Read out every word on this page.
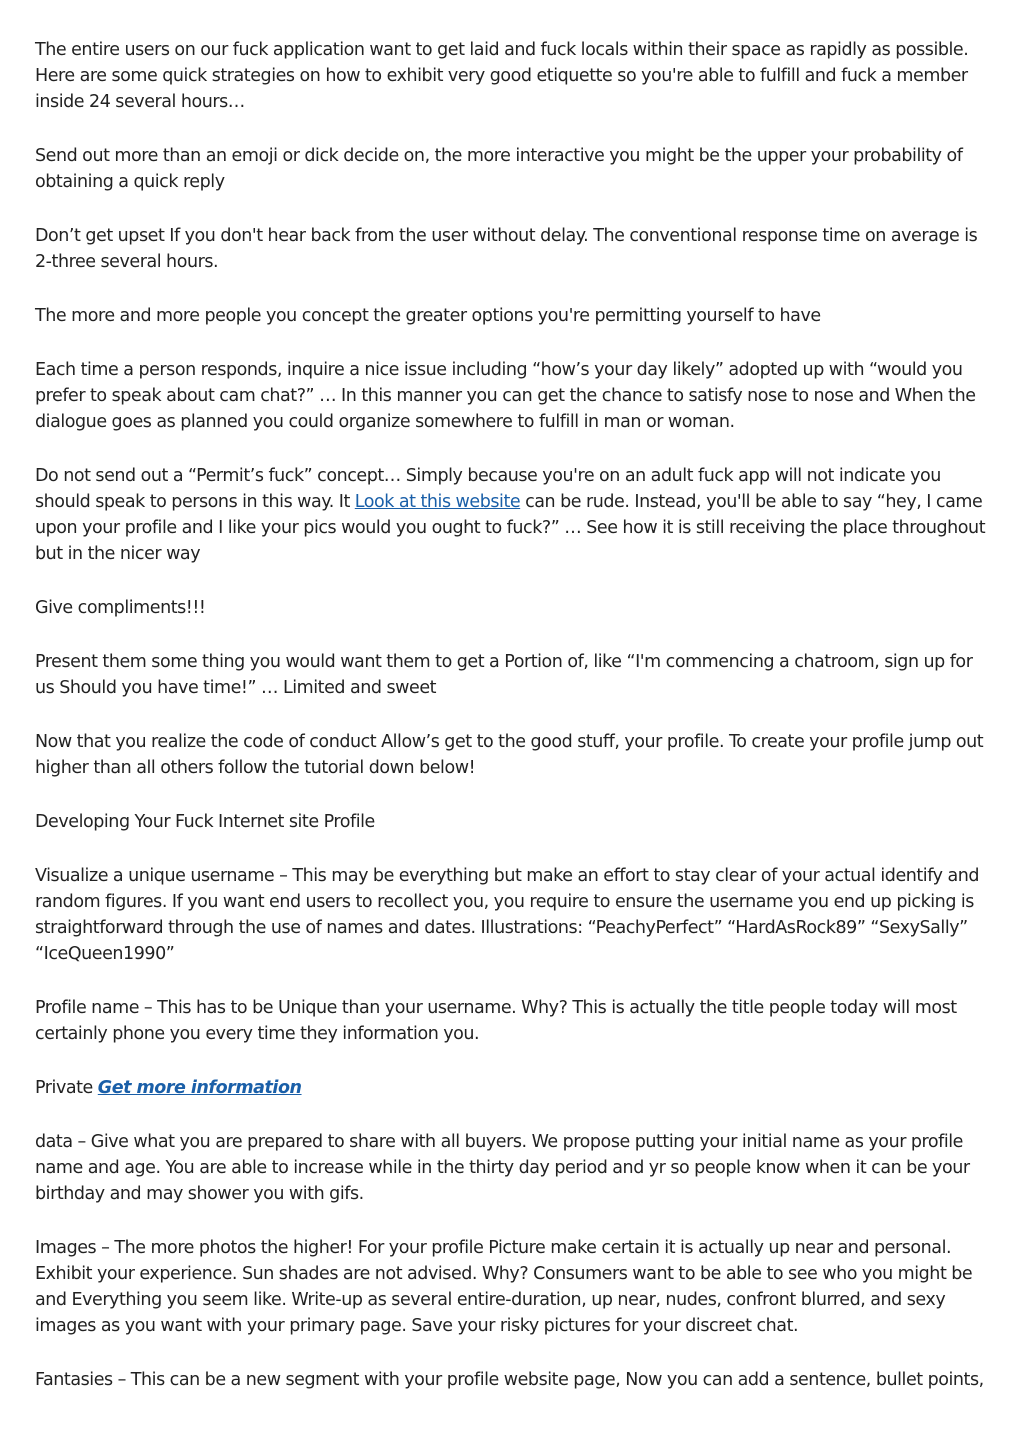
The entire users on our fuck application want to get laid and fuck locals within their space as rapidly as possible. Here are some quick strategies on how to exhibit very good etiquette so you're able to fulfill and fuck a member inside 24 several hours…

Send out more than an emoji or dick decide on, the more interactive you might be the upper your probability of obtaining a quick reply

Don’t get upset If you don't hear back from the user without delay. The conventional response time on average is 2-three several hours.

The more and more people you concept the greater options you're permitting yourself to have

Each time a person responds, inquire a nice issue including “how’s your day likely” adopted up with “would you prefer to speak about cam chat?” … In this manner you can get the chance to satisfy nose to nose and When the dialogue goes as planned you could organize somewhere to fulfill in man or woman.

Do not send out a “Permit’s fuck” concept… Simply because you're on an adult fuck app will not indicate you should speak to persons in this way. It Look at this website can be rude. Instead, you'll be able to say “hey, I came upon your profile and I like your pics would you ought to fuck?” … See how it is still receiving the place throughout but in the nicer way

Give compliments!!!

Present them some thing you would want them to get a Portion of, like “I'm commencing a chatroom, sign up for us Should you have time!” … Limited and sweet

Now that you realize the code of conduct Allow’s get to the good stuff, your profile. To create your profile jump out higher than all others follow the tutorial down below!

Developing Your Fuck Internet site Profile

Visualize a unique username – This may be everything but make an effort to stay clear of your actual identify and random figures. If you want end users to recollect you, you require to ensure the username you end up picking is straightforward through the use of names and dates. Illustrations: “PeachyPerfect” “HardAsRock89” “SexySally” “IceQueen1990”

Profile name – This has to be Unique than your username. Why? This is actually the title people today will most certainly phone you every time they information you.

Private Get more information

data – Give what you are prepared to share with all buyers. We propose putting your initial name as your profile name and age. You are able to increase while in the thirty day period and yr so people know when it can be your birthday and may shower you with gifs.

Images – The more photos the higher! For your profile Picture make certain it is actually up near and personal. Exhibit your experience. Sun shades are not advised. Why? Consumers want to be able to see who you might be and Everything you seem like. Write-up as several entire-duration, up near, nudes, confront blurred, and sexy images as you want with your primary page. Save your risky pictures for your discreet chat.

Fantasies – This can be a new segment with your profile website page, Now you can add a sentence, bullet points,
